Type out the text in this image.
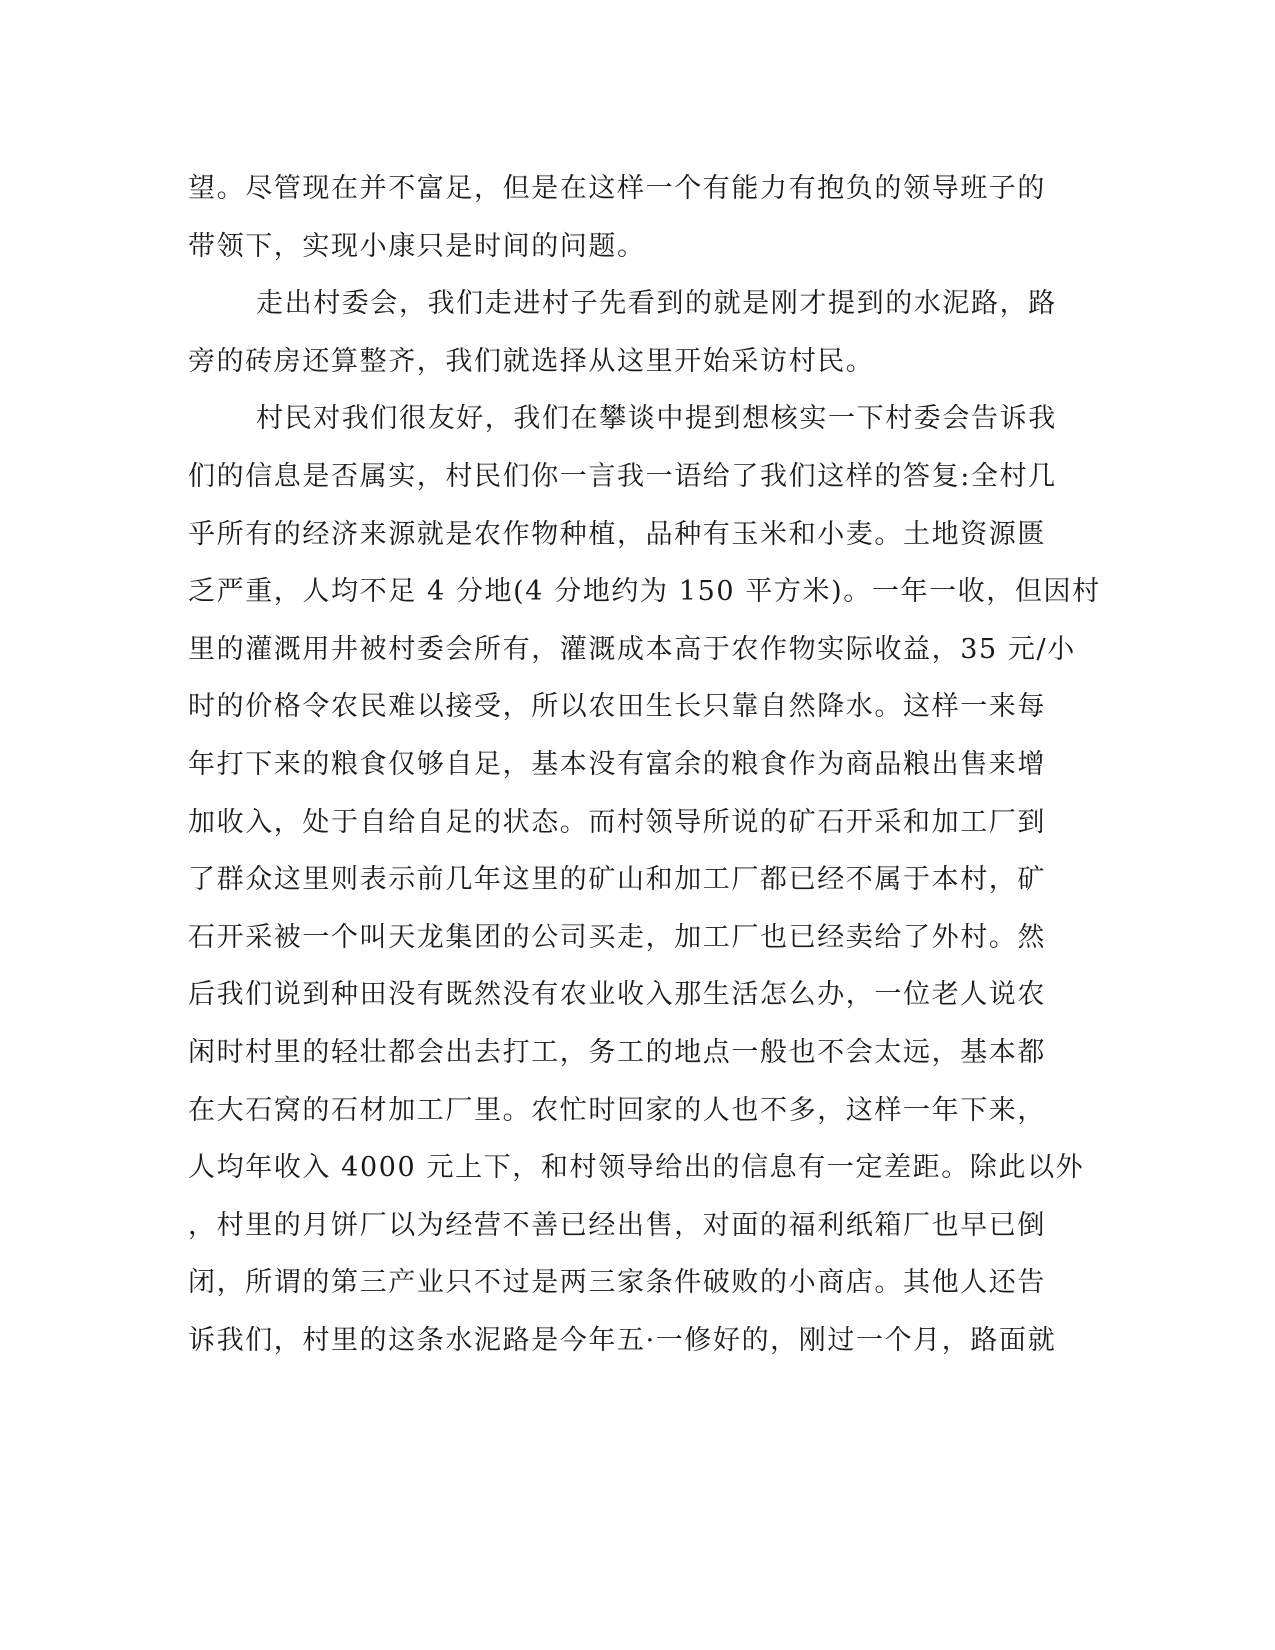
望。尽管现在并不富足，但是在这样一个有能力有抱负的领导班子的
带领下，实现小康只是时间的问题。
走出村委会，我们走进村子先看到的就是刚才提到的水泥路，路
旁的砖房还算整齐，我们就选择从这里开始采访村民。
村民对我们很友好，我们在攀谈中提到想核实一下村委会告诉我
们的信息是否属实，村民们你一言我一语给了我们这样的答复:全村几
乎所有的经济来源就是农作物种植，品种有玉米和小麦。土地资源匮
乏严重，人均不足 4 分地(4 分地约为 150 平方米)。一年一收，但因村
里的灌溉用井被村委会所有，灌溉成本高于农作物实际收益，35 元/小
时的价格令农民难以接受，所以农田生长只靠自然降水。这样一来每
年打下来的粮食仅够自足，基本没有富余的粮食作为商品粮出售来增
加收入，处于自给自足的状态。而村领导所说的矿石开采和加工厂到
了群众这里则表示前几年这里的矿山和加工厂都已经不属于本村，矿
石开采被一个叫天龙集团的公司买走，加工厂也已经卖给了外村。然
后我们说到种田没有既然没有农业收入那生活怎么办，一位老人说农
闲时村里的轻壮都会出去打工，务工的地点一般也不会太远，基本都
在大石窝的石材加工厂里。农忙时回家的人也不多，这样一年下来，
人均年收入 4000 元上下，和村领导给出的信息有一定差距。除此以外
，村里的月饼厂以为经营不善已经出售，对面的福利纸箱厂也早已倒
闭，所谓的第三产业只不过是两三家条件破败的小商店。其他人还告
诉我们，村里的这条水泥路是今年五·一修好的，刚过一个月，路面就
